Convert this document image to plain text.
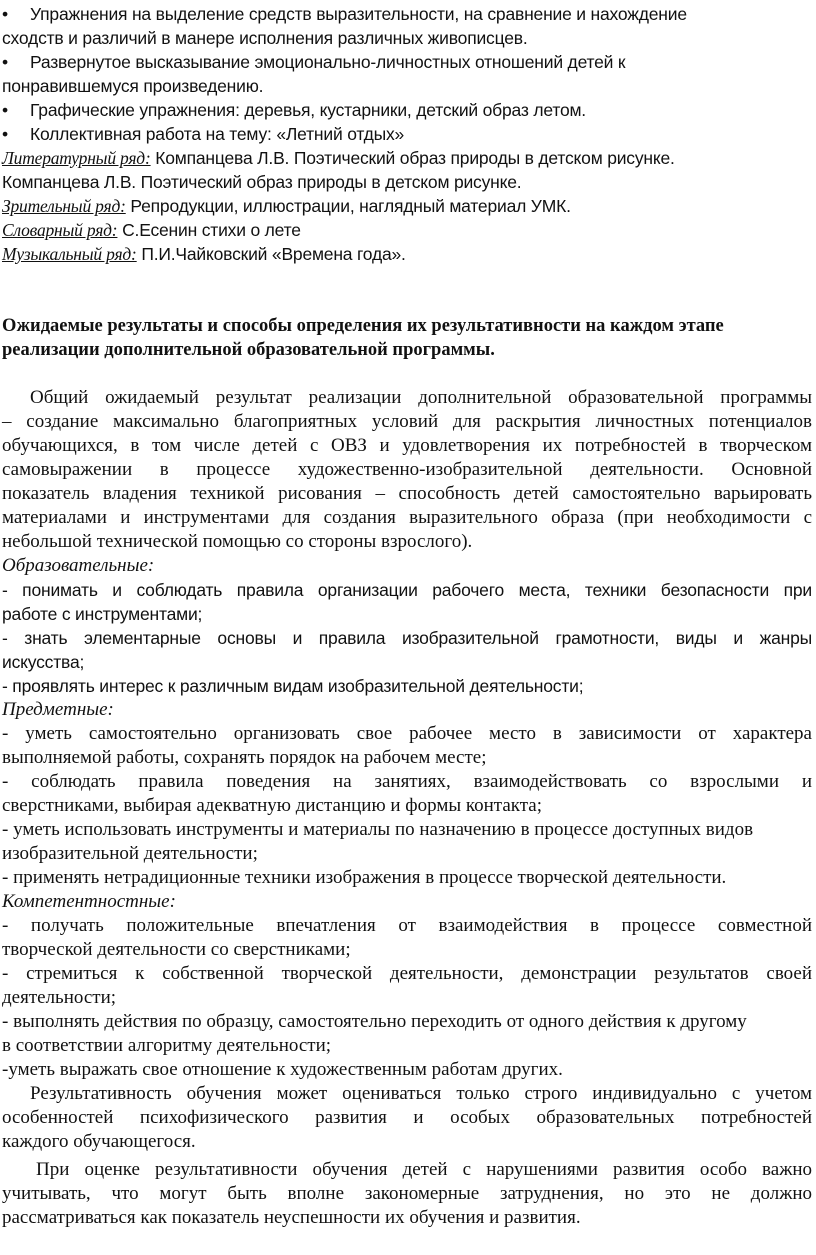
• Упражнения на выделение средств выразительности, на сравнение и нахождение
сходств и различий в манере исполнения различных живописцев.
• Развернутое высказывание эмоционально-личностных отношений детей к
понравившемуся произведению.
• Графические упражнения: деревья, кустарники, детский образ летом.
• Коллективная работа на тему: «Летний отдых»
Литературный ряд: Компанцева Л.В. Поэтический образ природы в детском рисунке.
Компанцева Л.В. Поэтический образ природы в детском рисунке.
Зрительный ряд: Репродукции, иллюстрации, наглядный материал УМК.
Словарный ряд: С.Есенин стихи о лете
Музыкальный ряд: П.И.Чайковский «Времена года».
Ожидаемые результаты и способы определения их результативности на каждом этапе
реализации дополнительной образовательной программы.
Общий ожидаемый результат реализации дополнительной образовательной программы
– создание максимально благоприятных условий для раскрытия личностных потенциалов
обучающихся, в том числе детей с ОВЗ и удовлетворения их потребностей в творческом
самовыражении в процессе художественно-изобразительной деятельности. Основной
показатель владения техникой рисования – способность детей самостоятельно варьировать
материалами и инструментами для создания выразительного образа (при необходимости с
небольшой технической помощью со стороны взрослого).
Образовательные:
- понимать и соблюдать правила организации рабочего места, техники безопасности при
работе с инструментами;
- знать элементарные основы и правила изобразительной грамотности, виды и жанры
искусства;
- проявлять интерес к различным видам изобразительной деятельности;
Предметные:
- уметь самостоятельно организовать свое рабочее место в зависимости от характера
выполняемой работы, сохранять порядок на рабочем месте;
- соблюдать правила поведения на занятиях, взаимодействовать со взрослыми и
сверстниками, выбирая адекватную дистанцию и формы контакта;
- уметь использовать инструменты и материалы по назначению в процессе доступных видов
изобразительной деятельности;
- применять нетрадиционные техники изображения в процессе творческой деятельности.
Компетентностные:
- получать положительные впечатления от взаимодействия в процессе совместной
творческой деятельности со сверстниками;
- стремиться к собственной творческой деятельности, демонстрации результатов своей
деятельности;
- выполнять действия по образцу, самостоятельно переходить от одного действия к другому
в соответствии алгоритму деятельности;
-уметь выражать свое отношение к художественным работам других.
Результативность обучения может оцениваться только строго индивидуально с учетом
особенностей психофизического развития и особых образовательных потребностей
каждого обучающегося.
При оценке результативности обучения детей с нарушениями развития особо важно
учитывать, что могут быть вполне закономерные затруднения, но это не должно
рассматриваться как показатель неуспешности их обучения и развития.
